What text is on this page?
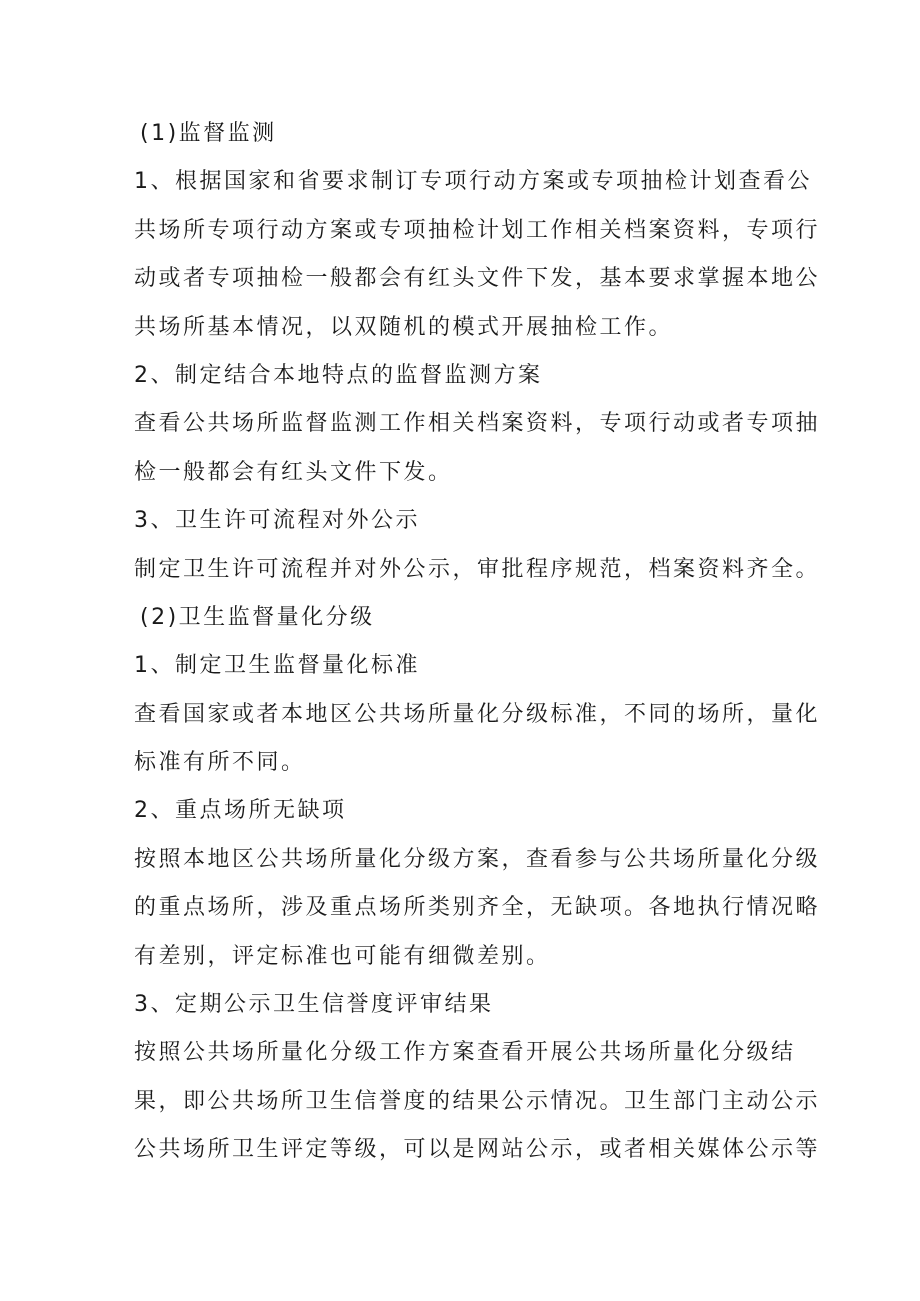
(1)监督监测

1、根据国家和省要求制订专项行动方案或专项抽检计划查看公

共场所专项行动方案或专项抽检计划工作相关档案资料，专项行

动或者专项抽检一般都会有红头文件下发，基本要求掌握本地公

共场所基本情况，以双随机的模式开展抽检工作。

2、制定结合本地特点的监督监测方案

查看公共场所监督监测工作相关档案资料，专项行动或者专项抽

检一般都会有红头文件下发。

3、卫生许可流程对外公示

制定卫生许可流程并对外公示，审批程序规范，档案资料齐全。

(2)卫生监督量化分级

1、制定卫生监督量化标准

查看国家或者本地区公共场所量化分级标准，不同的场所，量化

标准有所不同。

2、重点场所无缺项

按照本地区公共场所量化分级方案，查看参与公共场所量化分级

的重点场所，涉及重点场所类别齐全，无缺项。各地执行情况略

有差别，评定标准也可能有细微差别。

3、定期公示卫生信誉度评审结果

按照公共场所量化分级工作方案查看开展公共场所量化分级结

果，即公共场所卫生信誉度的结果公示情况。卫生部门主动公示

公共场所卫生评定等级，可以是网站公示，或者相关媒体公示等
